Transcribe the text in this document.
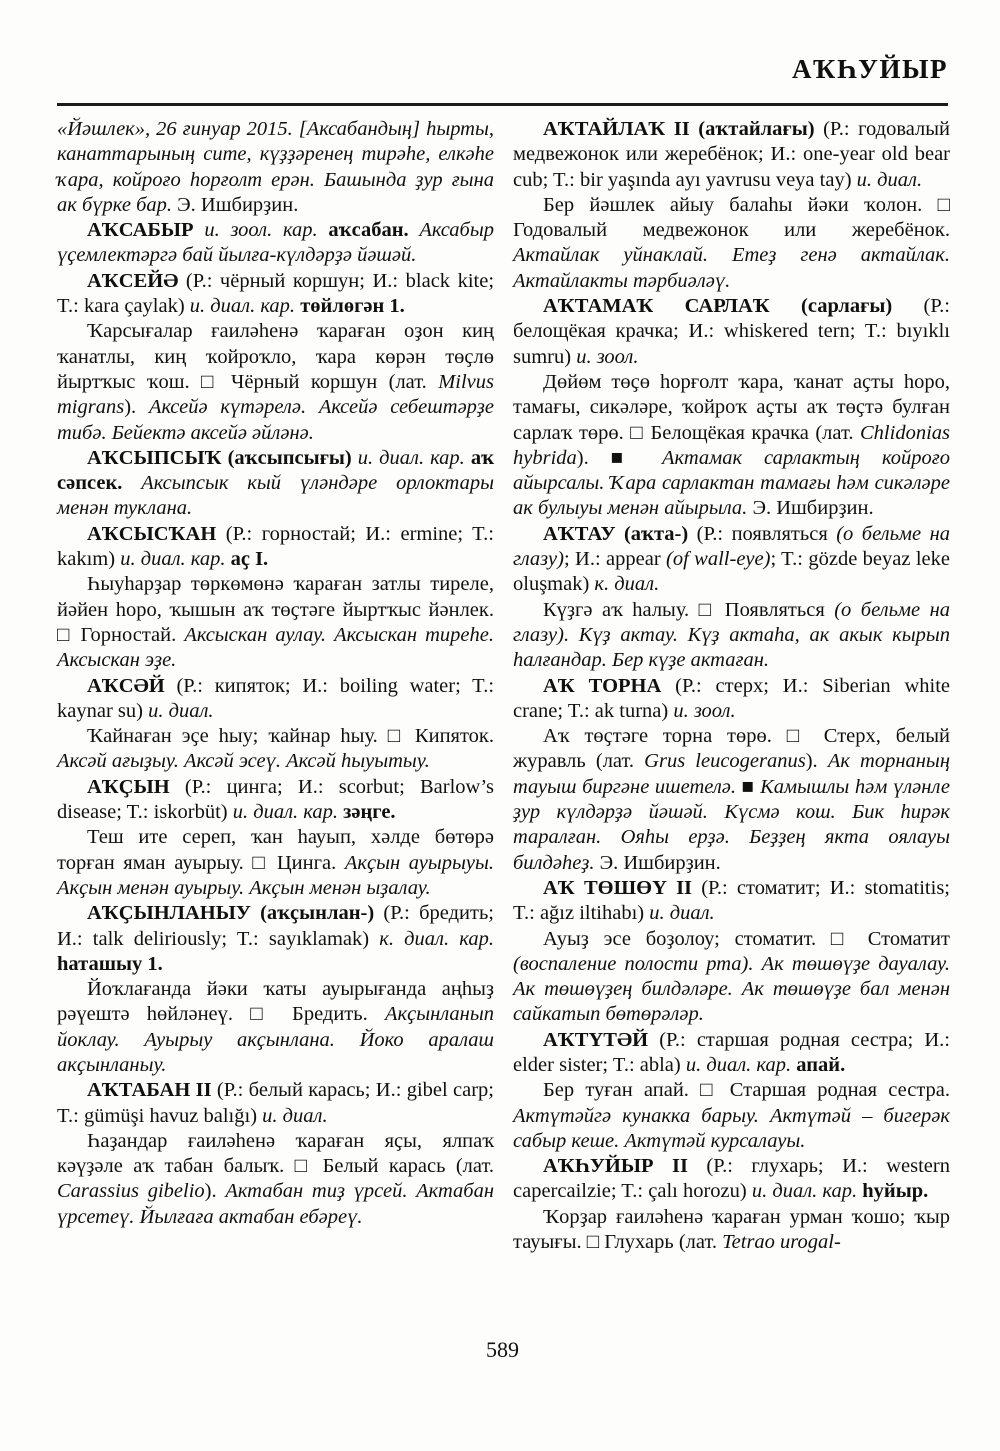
АҠҺУЙЫР

«Йәшлек», 26 ғинуар 2015. [Аксабандың] һырты, канаттарының сите, күҙҙәренең тирәһе, елкәһе ҡара, койроғо һорғолт ерән. Башында ҙур ғына ак бүрке бар. Э. Ишбирҙин.

АҠСАБЫР и. зоол. кар. аҡсабан. Аксабыр үҫемлектәргә бай йылға-күлдәрҙә йәшәй.

АҠСЕЙӘ (Р.: чёрный коршун; И.: black kite; T.: kara çaylak) и. диал. кар. төйлөгән 1.

Ҡарсығалар ғаиләһенә ҡараған оҙон киң ҡанатлы, киң ҡойроҡло, ҡара көрән төҫлө йыртҡыс ҡош. □ Чёрный коршун (лат. Milvus migrans). Аксейә күтәрелә. Аксейә себештәрҙе тибә. Бейектә аксейә әйләнә.

АҠСЫПСЫҠ (аҡсыпсығы) и. диал. кар. аҡ сәпсек. Аксыпсык кый үләндәре орлоктары менән туклана.

АҠСЫСҠАН (Р.: горностай; И.: ermine; T.: kakım) и. диал. кар. аҫ I.

Һыуһарҙар төркөмөнә ҡараған затлы тиреле, йәйен һоро, ҡышын аҡ төҫтәге йыртҡыс йәнлек. □ Горностай. Аксыскан аулау. Аксыскан тиреһе. Аксыскан эҙе.

АҠСӘЙ (Р.: кипяток; И.: boiling water; T.: kaynar su) и. диал.

Ҡайнаған эҫе һыу; ҡайнар һыу. □ Кипяток. Аксәй ағыҙыу. Аксәй эсеү. Аксәй һыуытыу.

АҠҪЫН (Р.: цинга; И.: scorbut; Barlow’s disease; T.: iskorbüt) и. диал. кар. зәңге.

Теш ите сереп, ҡан һауып, хәлде бөтөрә торған яман ауырыу. □ Цинга. Акҫын ауырыуы. Акҫын менән ауырыу. Акҫын менән ыҙалау.

АҠҪЫНЛАНЫУ (аҡҫынлан-) (Р.: бредить; И.: talk deliriously; T.: sayıklamak) к. диал. кар. һаташыу 1.

Йоҡлағанда йәки ҡаты ауырығанда аңһыҙ рәүештә һөйләнеү. □ Бредить. Акҫынланып йоклау. Ауырыу акҫынлана. Йоко аралаш акҫынланыу.

АҠТАБАН II (Р.: белый карась; И.: gibel carp; T.: gümüşi havuz balığı) и. диал.

Һаҙандар ғаиләһенә ҡараған яҫы, ялпаҡ кәүҙәле аҡ табан балыҡ. □ Белый карась (лат. Carassius gibelio). Актабан тиҙ үрсей. Актабан үрсетеү. Йылғаға актабан ебәреү.

АҠТАЙЛАҠ II (аҡтайлағы) (Р.: годовалый медвежонок или жеребёнок; И.: one-year old bear cub; T.: bir yaşında ayı yavrusu veya tay) и. диал.

Бер йәшлек айыу балаһы йәки ҡолон. □ Годовалый медвежонок или жеребёнок. Актайлак уйнаклай. Етеҙ генә актайлак. Актайлакты тәрбиәләү.

АҠТАМАҠ САРЛАҠ (сарлағы) (Р.: белощёкая крачка; И.: whiskered tern; T.: bıyıklı sumru) и. зоол.

Дөйөм төҫө һорғолт ҡара, ҡанат аҫты һоро, тамағы, сикәләре, ҡойроҡ аҫты аҡ төҫтә булған сарлаҡ төрө. □ Белощёкая крачка (лат. Chlidonias hybrida). ■ Актамак сарлактың койроғо айырсалы. Ҡара сарлактан тамағы һәм сикәләре ак булыуы менән айырыла. Э. Ишбирҙин.

АҠТАУ (аҡта-) (Р.: появляться (о бельме на глазу); И.: appear (of wall-eye); T.: gözde beyaz leke oluşmak) к. диал.

Күҙгә аҡ һалыу. □ Появляться (о бельме на глазу). Күҙ актау. Күҙ актаһа, ак акык кырып һалғандар. Бер күҙе актаған.

АҠ ТОРНА (Р.: стерх; И.: Siberian white crane; T.: ak turna) и. зоол.

Аҡ төҫтәге торна төрө. □ Стерх, белый журавль (лат. Grus leucogeranus). Ак торнаның тауыш биргәне ишетелә. ■ Камышлы һәм үләнле ҙур күлдәрҙә йәшәй. Күсмә кош. Бик һирәк таралған. Ояһы ерҙә. Беҙҙең якта оялауы билдәһеҙ. Э. Ишбирҙин.

АҠ ТӨШӨҮ II (Р.: стоматит; И.: stomatitis; T.: ağız iltihabı) и. диал.

Ауыҙ эсе боҙолоу; стоматит. □ Стоматит (воспаление полости рта). Ак төшөүҙе дауалау. Ак төшөүҙең билдәләре. Ак төшөүҙе бал менән сайкатып бөтөрәләр.

АҠТҮТӘЙ (Р.: старшая родная сестра; И.: elder sister; T.: abla) и. диал. кар. апай.

Бер туған апай. □ Старшая родная сестра. Актүтәйгә кунакка барыу. Актүтәй – бигерәк сабыр кеше. Актүтәй курсалауы.

АҠҺУЙЫР II (Р.: глухарь; И.: western capercailzie; T.: çalı horozu) и. диал. кар. һуйыр.

Ҡорҙар ғаиләһенә ҡараған урман ҡошо; ҡыр тауығы. □ Глухарь (лат. Tetrao urogal-

589
